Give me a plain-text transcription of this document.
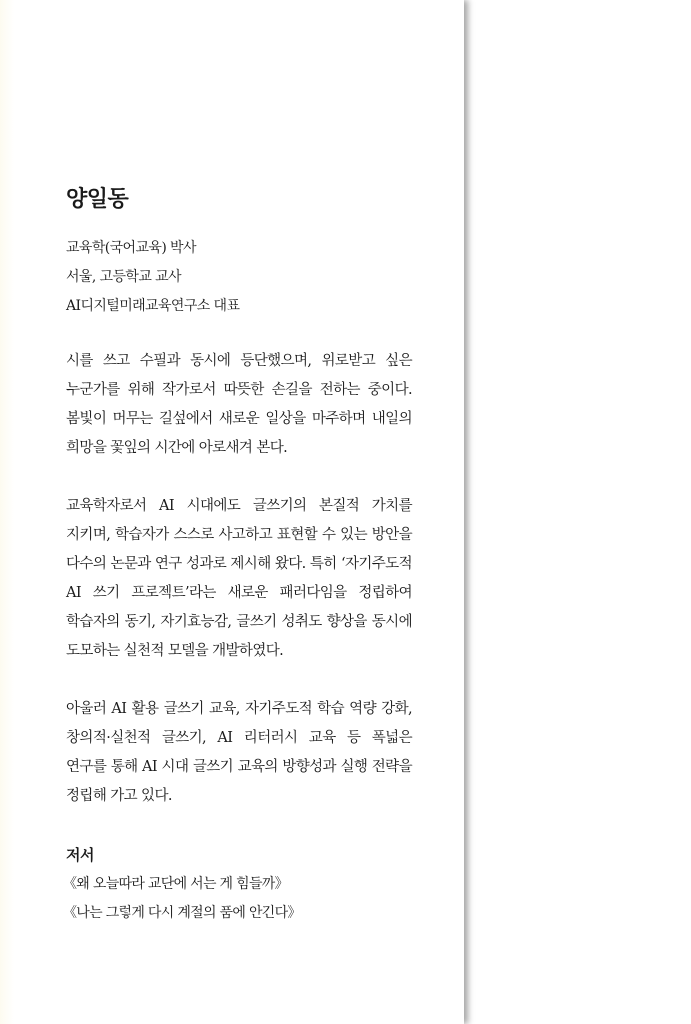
양일동
교육학(국어교육) 박사
서울, 고등학교 교사
AI디지털미래교육연구소 대표

시를 쓰고 수필과 동시에 등단했으며, 위로받고 싶은 누군가를 위해 작가로서 따뜻한 손길을 전하는 중이다. 봄빛이 머무는 길섶에서 새로운 일상을 마주하며 내일의 희망을 꽃잎의 시간에 아로새겨 본다.

교육학자로서 AI 시대에도 글쓰기의 본질적 가치를 지키며, 학습자가 스스로 사고하고 표현할 수 있는 방안을 다수의 논문과 연구 성과로 제시해 왔다. 특히 ‘자기주도적 AI 쓰기 프로젝트’라는 새로운 패러다임을 정립하여 학습자의 동기, 자기효능감, 글쓰기 성취도 향상을 동시에 도모하는 실천적 모델을 개발하였다.

아울러 AI 활용 글쓰기 교육, 자기주도적 학습 역량 강화, 창의적·실천적 글쓰기, AI 리터러시 교육 등 폭넓은 연구를 통해 AI 시대 글쓰기 교육의 방향성과 실행 전략을 정립해 가고 있다.

저서
《왜 오늘따라 교단에 서는 게 힘들까》
《나는 그렇게 다시 계절의 품에 안긴다》
